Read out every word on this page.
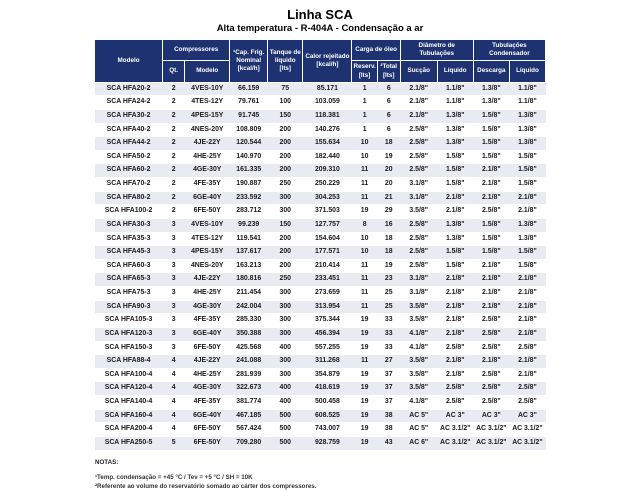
Linha SCA
Alta temperatura - R-404A - Condensação a ar
Modelo	Compressores		¹Cap. Frig. Nominal [kcal/h]	Tanque de líquido [lts]	Calor rejeitado [kcal/h]	Carga de óleo		Diâmetro de Tubulações		Tubulações Condensador	
	Qt.	Modelo				Reserv. [lts]	²Total [lts]	Sucção	Líquido	Descarga	Líquido
SCA HFA20-2	2	4VES-10Y	66.159	75	85.171	1	6	2.1/8"	1.1/8"	1.3/8"	1.1/8"
SCA HFA24-2	2	4TES-12Y	79.761	100	103.059	1	6	2.1/8"	1.1/8"	1.3/8"	1.1/8"
SCA HFA30-2	2	4PES-15Y	91.745	150	118.381	1	6	2.1/8"	1.3/8"	1.5/8"	1.3/8"
SCA HFA40-2	2	4NES-20Y	108.809	200	140.276	1	6	2.5/8"	1.3/8"	1.5/8"	1.3/8"
SCA HFA44-2	2	4JE-22Y	120.544	200	155.634	10	18	2.5/8"	1.3/8"	1.5/8"	1.3/8"
SCA HFA50-2	2	4HE-25Y	140.970	200	182.440	10	19	2.5/8"	1.5/8"	1.5/8"	1.5/8"
SCA HFA60-2	2	4GE-30Y	161.335	200	209.310	11	20	2.5/8"	1.5/8"	2.1/8"	1.5/8"
SCA HFA70-2	2	4FE-35Y	190.887	250	250.229	11	20	3.1/8"	1.5/8"	2.1/8"	1.5/8"
SCA HFA80-2	2	6GE-40Y	233.592	300	304.253	11	21	3.1/8"	2.1/8"	2.1/8"	2.1/8"
SCA HFA100-2	2	6FE-50Y	283.712	300	371.503	19	29	3.5/8"	2.1/8"	2.5/8"	2.1/8"
SCA HFA30-3	3	4VES-10Y	99.239	150	127.757	8	16	2.5/8"	1.3/8"	1.5/8"	1.3/8"
SCA HFA35-3	3	4TES-12Y	119.541	200	154.604	10	18	2.5/8"	1.3/8"	1.5/8"	1.3/8"
SCA HFA45-3	3	4PES-15Y	137.617	200	177.571	10	18	2.5/8"	1.5/8"	1.5/8"	1.5/8"
SCA HFA60-3	3	4NES-20Y	163.213	200	210.414	11	19	2.5/8"	1.5/8"	2.1/8"	1.5/8"
SCA HFA65-3	3	4JE-22Y	180.816	250	233.451	11	23	3.1/8"	2.1/8"	2.1/8"	2.1/8"
SCA HFA75-3	3	4HE-25Y	211.454	300	273.659	11	25	3.1/8"	2.1/8"	2.1/8"	2.1/8"
SCA HFA90-3	3	4GE-30Y	242.004	300	313.954	11	25	3.5/8"	2.1/8"	2.1/8"	2.1/8"
SCA HFA105-3	3	4FE-35Y	285.330	300	375.344	19	33	3.5/8"	2.1/8"	2.5/8"	2.1/8"
SCA HFA120-3	3	6GE-40Y	350.388	300	456.394	19	33	4.1/8"	2.1/8"	2.5/8"	2.1/8"
SCA HFA150-3	3	6FE-50Y	425.568	400	557.255	19	33	4.1/8"	2.5/8"	2.5/8"	2.5/8"
SCA HFA88-4	4	4JE-22Y	241.088	300	311.268	11	27	3.5/8"	2.1/8"	2.1/8"	2.1/8"
SCA HFA100-4	4	4HE-25Y	281.939	300	354.879	19	37	3.5/8"	2.1/8"	2.5/8"	2.1/8"
SCA HFA120-4	4	4GE-30Y	322.673	400	418.619	19	37	3.5/8"	2.5/8"	2.5/8"	2.5/8"
SCA HFA140-4	4	4FE-35Y	381.774	400	500.458	19	37	4.1/8"	2.5/8"	2.5/8"	2.5/8"
SCA HFA160-4	4	6GE-40Y	467.185	500	608.525	19	38	AC 5"	AC 3"	AC 3"	AC 3"
SCA HFA200-4	4	6FE-50Y	567.424	500	743.007	19	38	AC 5"	AC 3.1/2"	AC 3.1/2"	AC 3.1/2"
SCA HFA250-5	5	6FE-50Y	709.280	500	928.759	19	43	AC 6"	AC 3.1/2"	AC 3.1/2"	AC 3.1/2"
NOTAS:
¹Temp. condensação = +45 °C / Tev = +5 °C / SH = 10K
²Referente ao volume do reservatório somado ao cárter dos compressores.
